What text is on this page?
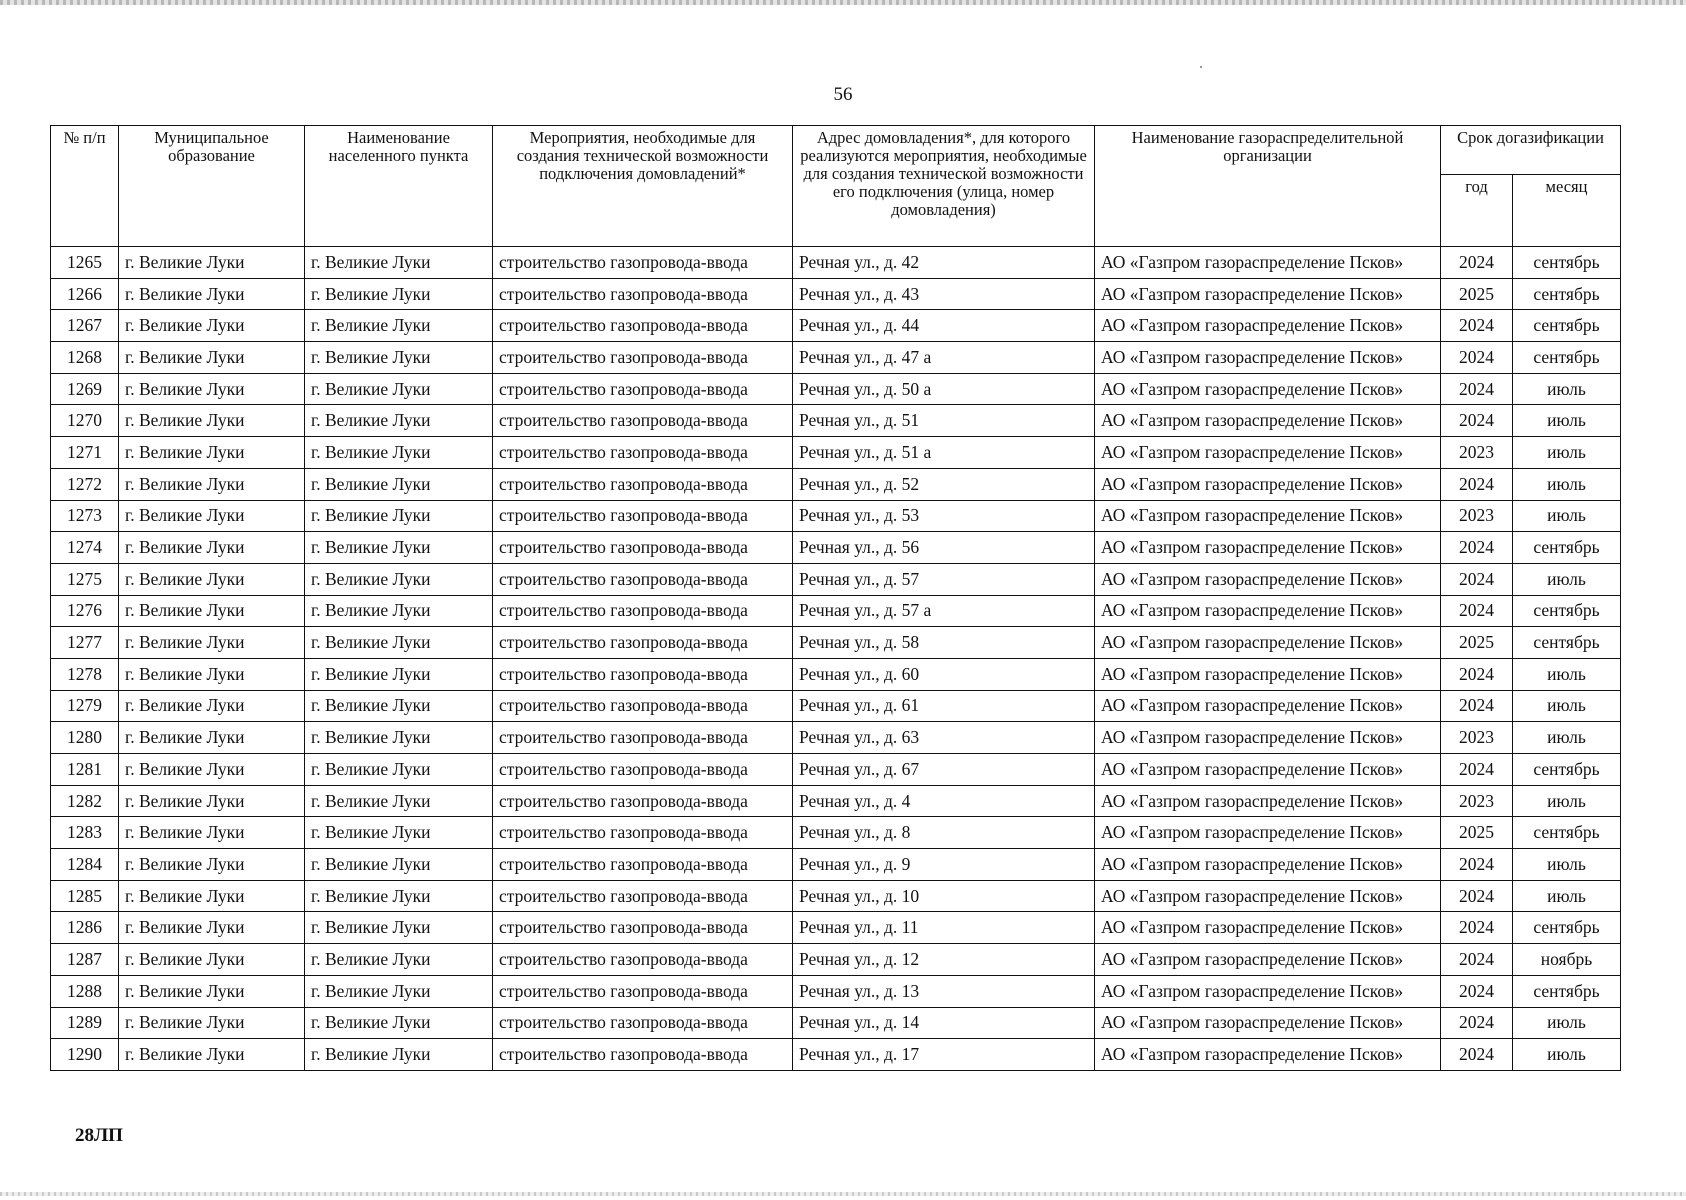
56
№ п/п	Муниципальное образование	Наименование населенного пункта	Мероприятия, необходимые для создания технической возможности подключения домовладений*	Адрес домовладения*, для которого реализуются мероприятия, необходимые для создания технической возможности его подключения (улица, номер домовладения)	Наименование газораспределительной организации	Срок догазификации	
						год	месяц
1265	г. Великие Луки	г. Великие Луки	строительство газопровода-ввода	Речная ул., д. 42	АО «Газпром газораспределение Псков»	2024	сентябрь
1266	г. Великие Луки	г. Великие Луки	строительство газопровода-ввода	Речная ул., д. 43	АО «Газпром газораспределение Псков»	2025	сентябрь
1267	г. Великие Луки	г. Великие Луки	строительство газопровода-ввода	Речная ул., д. 44	АО «Газпром газораспределение Псков»	2024	сентябрь
1268	г. Великие Луки	г. Великие Луки	строительство газопровода-ввода	Речная ул., д. 47 а	АО «Газпром газораспределение Псков»	2024	сентябрь
1269	г. Великие Луки	г. Великие Луки	строительство газопровода-ввода	Речная ул., д. 50 а	АО «Газпром газораспределение Псков»	2024	июль
1270	г. Великие Луки	г. Великие Луки	строительство газопровода-ввода	Речная ул., д. 51	АО «Газпром газораспределение Псков»	2024	июль
1271	г. Великие Луки	г. Великие Луки	строительство газопровода-ввода	Речная ул., д. 51 а	АО «Газпром газораспределение Псков»	2023	июль
1272	г. Великие Луки	г. Великие Луки	строительство газопровода-ввода	Речная ул., д. 52	АО «Газпром газораспределение Псков»	2024	июль
1273	г. Великие Луки	г. Великие Луки	строительство газопровода-ввода	Речная ул., д. 53	АО «Газпром газораспределение Псков»	2023	июль
1274	г. Великие Луки	г. Великие Луки	строительство газопровода-ввода	Речная ул., д. 56	АО «Газпром газораспределение Псков»	2024	сентябрь
1275	г. Великие Луки	г. Великие Луки	строительство газопровода-ввода	Речная ул., д. 57	АО «Газпром газораспределение Псков»	2024	июль
1276	г. Великие Луки	г. Великие Луки	строительство газопровода-ввода	Речная ул., д. 57 а	АО «Газпром газораспределение Псков»	2024	сентябрь
1277	г. Великие Луки	г. Великие Луки	строительство газопровода-ввода	Речная ул., д. 58	АО «Газпром газораспределение Псков»	2025	сентябрь
1278	г. Великие Луки	г. Великие Луки	строительство газопровода-ввода	Речная ул., д. 60	АО «Газпром газораспределение Псков»	2024	июль
1279	г. Великие Луки	г. Великие Луки	строительство газопровода-ввода	Речная ул., д. 61	АО «Газпром газораспределение Псков»	2024	июль
1280	г. Великие Луки	г. Великие Луки	строительство газопровода-ввода	Речная ул., д. 63	АО «Газпром газораспределение Псков»	2023	июль
1281	г. Великие Луки	г. Великие Луки	строительство газопровода-ввода	Речная ул., д. 67	АО «Газпром газораспределение Псков»	2024	сентябрь
1282	г. Великие Луки	г. Великие Луки	строительство газопровода-ввода	Речная ул., д. 4	АО «Газпром газораспределение Псков»	2023	июль
1283	г. Великие Луки	г. Великие Луки	строительство газопровода-ввода	Речная ул., д. 8	АО «Газпром газораспределение Псков»	2025	сентябрь
1284	г. Великие Луки	г. Великие Луки	строительство газопровода-ввода	Речная ул., д. 9	АО «Газпром газораспределение Псков»	2024	июль
1285	г. Великие Луки	г. Великие Луки	строительство газопровода-ввода	Речная ул., д. 10	АО «Газпром газораспределение Псков»	2024	июль
1286	г. Великие Луки	г. Великие Луки	строительство газопровода-ввода	Речная ул., д. 11	АО «Газпром газораспределение Псков»	2024	сентябрь
1287	г. Великие Луки	г. Великие Луки	строительство газопровода-ввода	Речная ул., д. 12	АО «Газпром газораспределение Псков»	2024	ноябрь
1288	г. Великие Луки	г. Великие Луки	строительство газопровода-ввода	Речная ул., д. 13	АО «Газпром газораспределение Псков»	2024	сентябрь
1289	г. Великие Луки	г. Великие Луки	строительство газопровода-ввода	Речная ул., д. 14	АО «Газпром газораспределение Псков»	2024	июль
1290	г. Великие Луки	г. Великие Луки	строительство газопровода-ввода	Речная ул., д. 17	АО «Газпром газораспределение Псков»	2024	июль
28ЛП
